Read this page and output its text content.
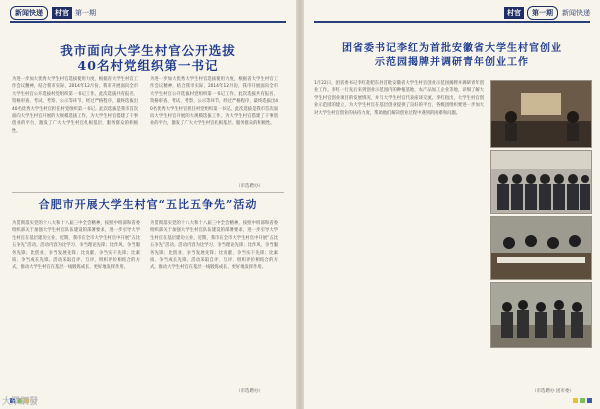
新闻快递 村官 第一期
我市面向大学生村官公开选拔
40名村党组织第一书记
为进一步加大优秀大学生村官选拔使用力度，根据省大学生村官工作会议精神，结合我市实际，2014年12月份，我市开展面向全市大学生村官公开选拔村党组织第一书记工作。此次选拔共有报名、资格审查、考试、考察、公示等环节，经过严格程序，最终选拔出40名优秀大学生村官担任村党组织第一书记。此次选拔是我市首次面向大学生村官开展的大规模选拔工作，为大学生村官搭建了干事创业的平台，激发了广大大学生村官扎根基层、服务群众的积极性。
为进一步加大优秀大学生村官选拔使用力度，根据省大学生村官工作会议精神，结合我市实际，2014年12月份，我市开展面向全市大学生村官公开选拔村党组织第一书记工作。此次选拔共有报名、资格审查、考试、考察、公示等环节，经过严格程序，最终选拔出40名优秀大学生村官担任村党组织第一书记。此次选拔是我市首次面向大学生村官开展的大规模选拔工作，为大学生村官搭建了干事创业的平台，激发了广大大学生村官扎根基层、服务群众的积极性。
（市选聘办）
合肥市开展大学生村官“五比五争先”活动
为贯彻落实党的十八大和十八届三中全会精神，按照中组部和省委组织部关于加强大学生村官队伍建设的部署要求，进一步引导大学生村官在基层建功立业，近期，我市在全市大学生村官中开展“五比五争先”活动。活动内容为比学习、争当理论先锋；比作风、争当服务先锋；比创业、争当发展先锋；比贡献、争当实干先锋；比素质、争当成长先锋。活动采取自评、互评、组织评价相结合的方式，推动大学生村官在基层一线锻炼成长，更好地发挥作用。
为贯彻落实党的十八大和十八届三中全会精神，按照中组部和省委组织部关于加强大学生村官队伍建设的部署要求，进一步引导大学生村官在基层建功立业，近期，我市在全市大学生村官中开展“五比五争先”活动。活动内容为比学习、争当理论先锋；比作风、争当服务先锋；比创业、争当发展先锋；比贡献、争当实干先锋；比素质、争当成长先锋。活动采取自评、互评、组织评价相结合的方式，推动大学生村官在基层一线锻炼成长，更好地发挥作用。
（市选聘办）
村官 第一期 新闻快递
团省委书记李红为首批安徽省大学生村官创业
示范园揭牌并调研青年创业工作
1月22日，团省委书记李红赴肥东县首批安徽省大学生村官创业示范园揭牌并调研青年创业工作。李红一行先后来到创业示范园内的种植基地、农产品加工企业等地，详细了解大学生村官创业项目的发展情况，并与大学生村官代表座谈交流。李红指出，大学生村官创业示范园的建立，为大学生村官在基层创业提供了良好的平台，各级团组织要进一步加大对大学生村官创业的扶持力度，帮助他们解决创业过程中遇到的困难和问题。
（市选聘办 团市委）
大眾網發
